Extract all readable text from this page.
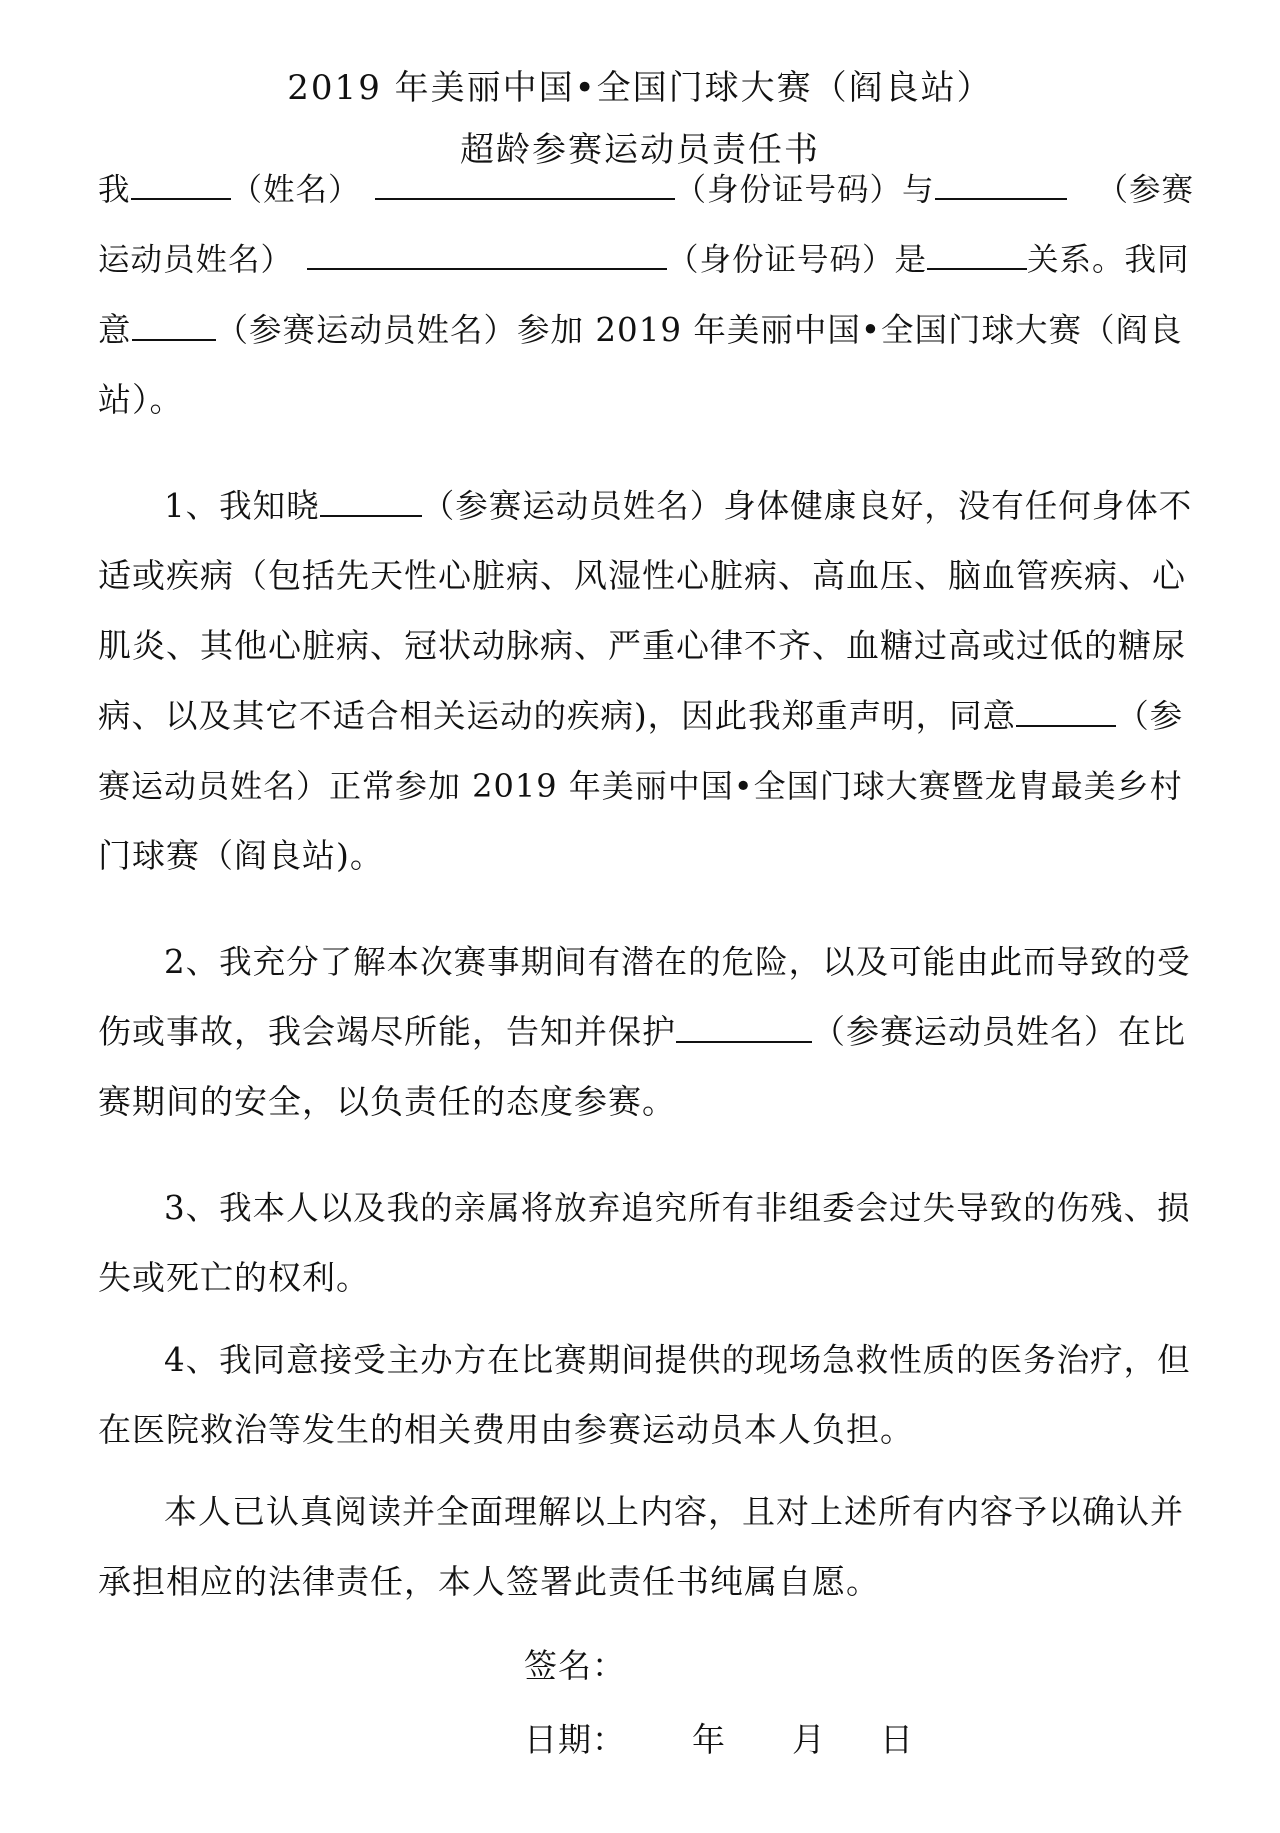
2019 年美丽中国•全国门球大赛（阎良站）
超龄参赛运动员责任书
我	（姓名）	（身份证号码）与	（参赛
运动员姓名）	（身份证号码）是	关系。我同
意	（参赛运动员姓名）参加 2019 年美丽中国•全国门球大赛（阎良
站）。
1、我知晓	（参赛运动员姓名）身体健康良好，没有任何身体不
适或疾病（包括先天性心脏病、风湿性心脏病、高血压、脑血管疾病、心
肌炎、其他心脏病、冠状动脉病、严重心律不齐、血糖过高或过低的糖尿
病、以及其它不适合相关运动的疾病)，因此我郑重声明，同意	（参
赛运动员姓名）正常参加 2019 年美丽中国•全国门球大赛暨龙胄最美乡村
门球赛（阎良站)。
2、我充分了解本次赛事期间有潜在的危险，以及可能由此而导致的受
伤或事故，我会竭尽所能，告知并保护	（参赛运动员姓名）在比
赛期间的安全，以负责任的态度参赛。
3、我本人以及我的亲属将放弃追究所有非组委会过失导致的伤残、损
失或死亡的权利。
4、我同意接受主办方在比赛期间提供的现场急救性质的医务治疗，但
在医院救治等发生的相关费用由参赛运动员本人负担。
本人已认真阅读并全面理解以上内容，且对上述所有内容予以确认并
承担相应的法律责任，本人签署此责任书纯属自愿。
签名：
日期： 年 月 日
